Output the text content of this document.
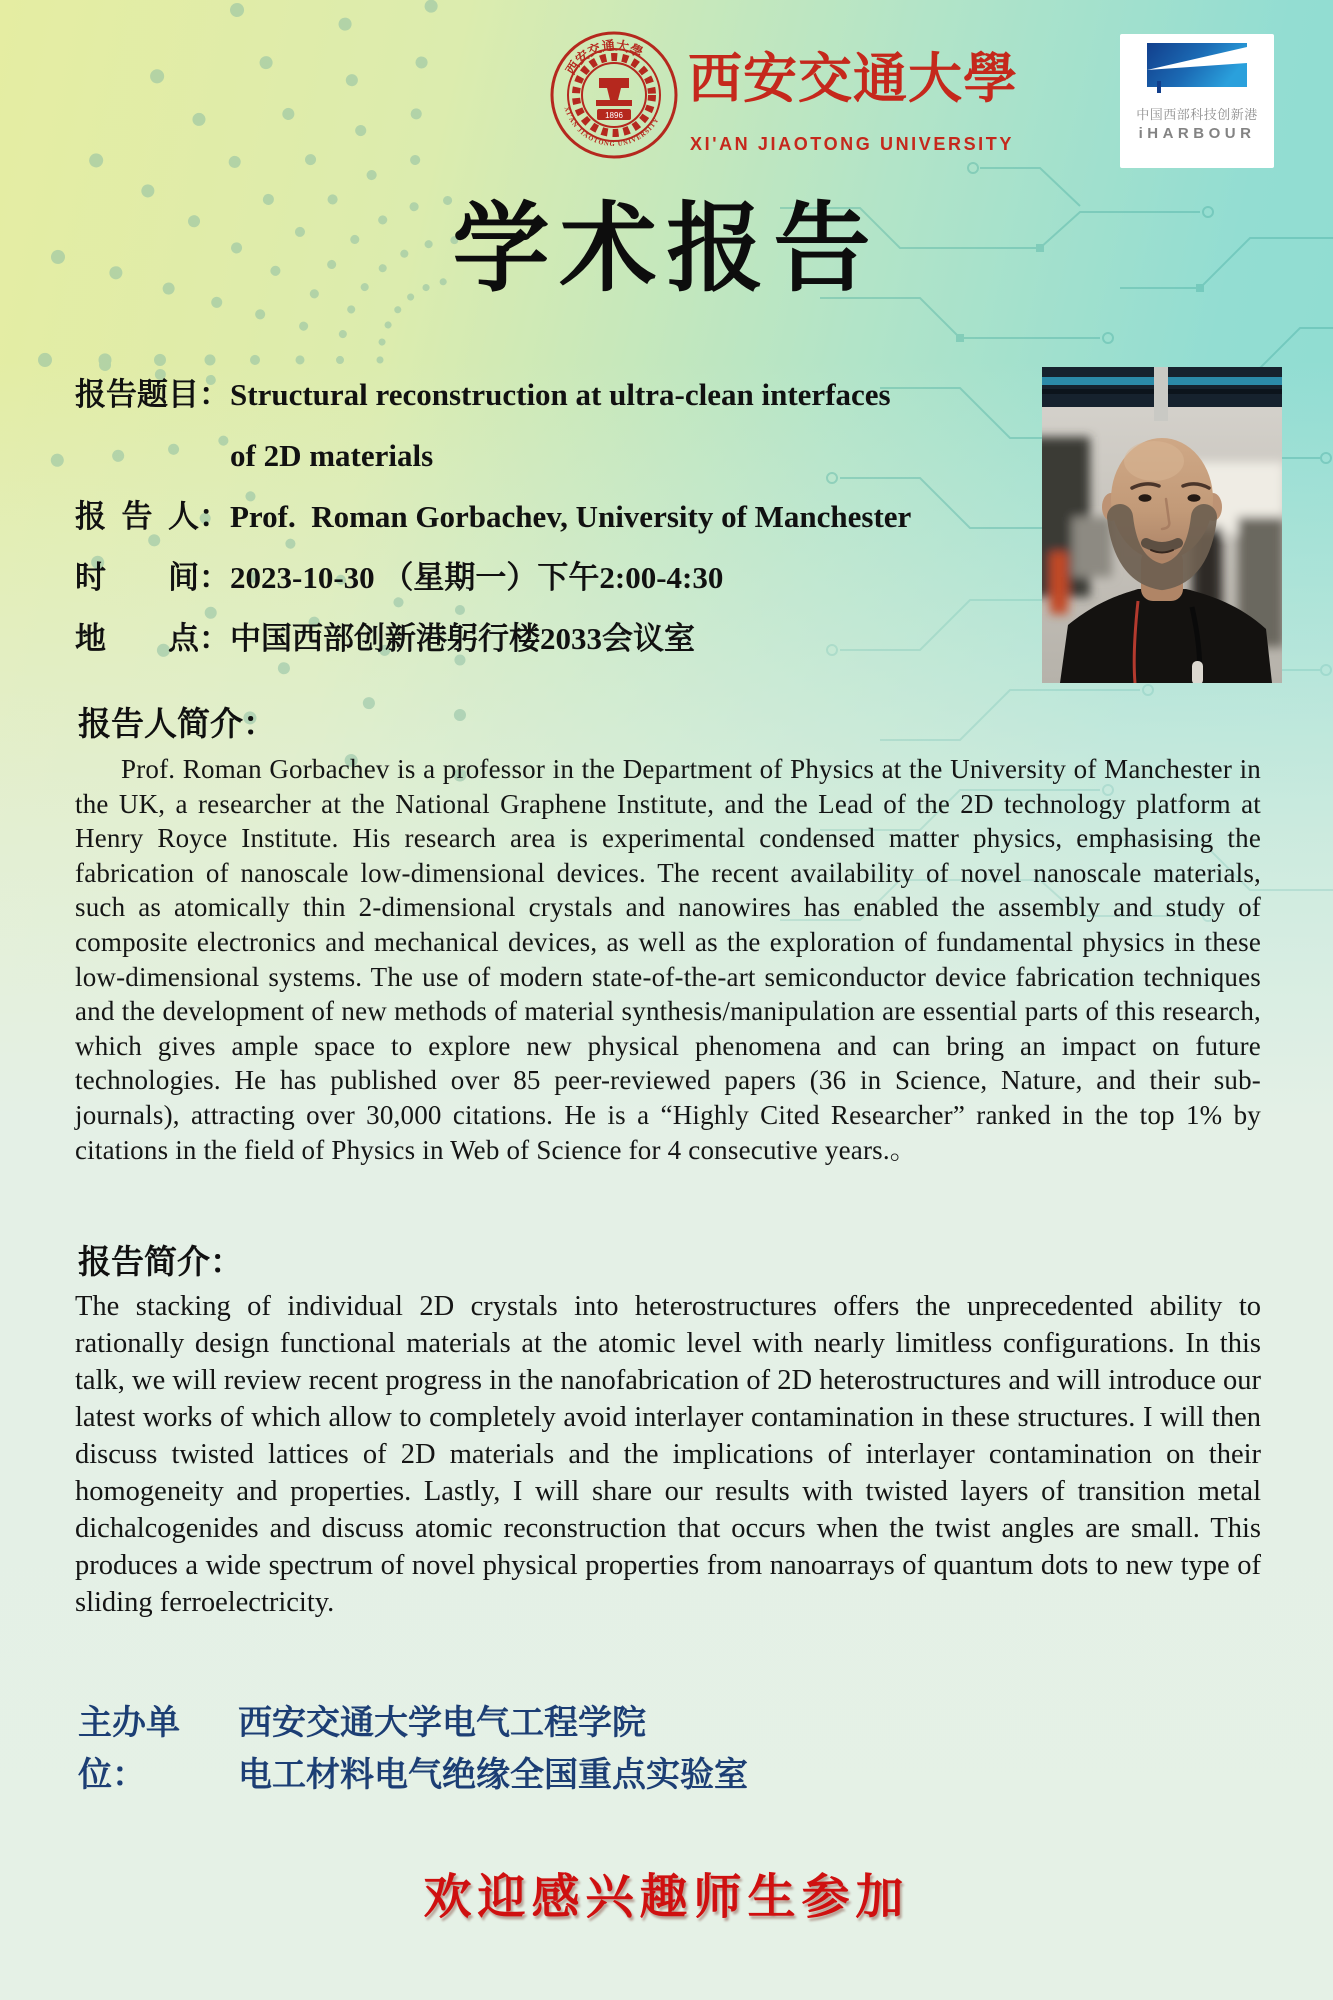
西安交通大學
XI'AN JIAOTONG UNIVERSITY
1896
西安交通大學
XI'AN JIAOTONG UNIVERSITY
中国西部科技创新港
iHARBOUR
学术报告
报告题目： Structural reconstruction at ultra-clean interfaces
of 2D materials
报告人： Prof.  Roman Gorbachev, University of Manchester
时间： 2023-10-30 （星期一）下午2:00-4:30
地点： 中国西部创新港躬行楼2033会议室
报告人简介：
Prof. Roman Gorbachev is a professor in the Department of Physics at the University of Manchester in the UK, a researcher at the National Graphene Institute, and the Lead of the 2D technology platform at Henry Royce Institute. His research area is experimental condensed matter physics, emphasising the fabrication of nanoscale low-dimensional devices. The recent availability of novel nanoscale materials, such as atomically thin 2-dimensional crystals and nanowires has enabled the assembly and study of composite electronics and mechanical devices, as well as the exploration of fundamental physics in these low-dimensional systems. The use of modern state-of-the-art semiconductor device fabrication techniques and the development of new methods of material synthesis/manipulation are essential parts of this research, which gives ample space to explore new physical phenomena and can bring an impact on future technologies. He has published over 85 peer-reviewed papers (36 in Science, Nature, and their sub-journals), attracting over 30,000 citations. He is a “Highly Cited Researcher” ranked in the top 1% by citations in the field of Physics in Web of Science for 4 consecutive years.。
报告简介：
The stacking of individual 2D crystals into heterostructures offers the unprecedented ability to rationally design functional materials at the atomic level with nearly limitless configurations. In this talk, we will review recent progress in the nanofabrication of 2D heterostructures and will introduce our latest works of which allow to completely avoid interlayer contamination in these structures. I will then discuss twisted lattices of 2D materials and the implications of interlayer contamination on their homogeneity and properties. Lastly, I will share our results with twisted layers of transition metal dichalcogenides and discuss atomic reconstruction that occurs when the twist angles are small. This produces a wide spectrum of novel physical properties from nanoarrays of quantum dots to new type of sliding ferroelectricity.
主办单位：
西安交通大学电气工程学院
电工材料电气绝缘全国重点实验室
欢迎感兴趣师生参加
